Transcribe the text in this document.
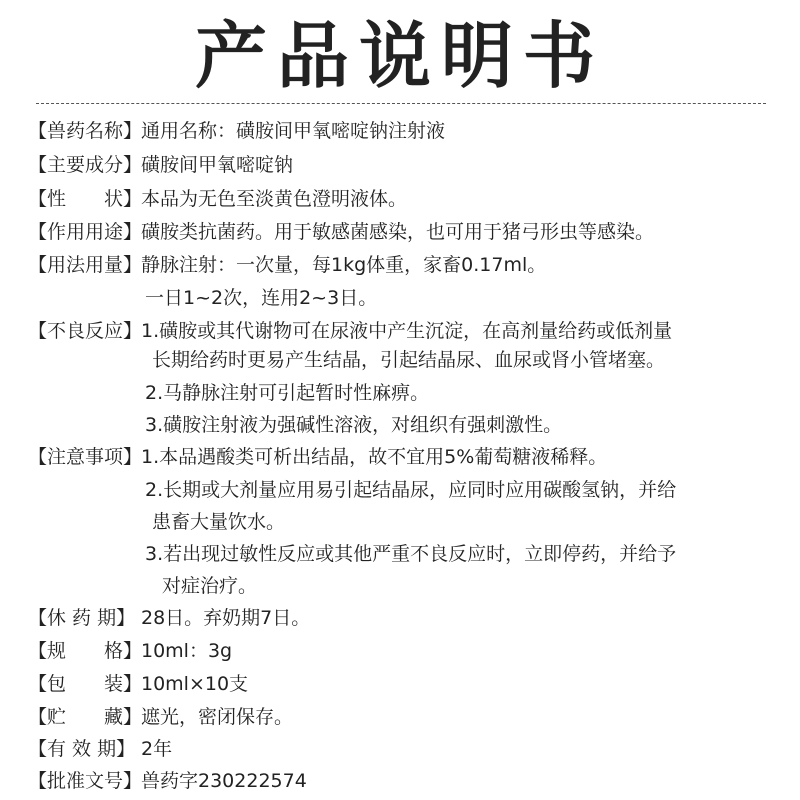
产品说明书
【兽药名称】
通用名称：磺胺间甲氧嘧啶钠注射液
【主要成分】
磺胺间甲氧嘧啶钠
【性　　状】
本品为无色至淡黄色澄明液体。
【作用用途】
磺胺类抗菌药。用于敏感菌感染，也可用于猪弓形虫等感染。
【用法用量】
静脉注射：一次量，每1kg体重，家畜0.17ml。
一日1~2次，连用2~3日。
【不良反应】
1.磺胺或其代谢物可在尿液中产生沉淀，在高剂量给药或低剂量
长期给药时更易产生结晶，引起结晶尿、血尿或肾小管堵塞。
2.马静脉注射可引起暂时性麻痹。
3.磺胺注射液为强碱性溶液，对组织有强刺激性。
【注意事项】
1.本品遇酸类可析出结晶，故不宜用5%葡萄糖液稀释。
2.长期或大剂量应用易引起结晶尿，应同时应用碳酸氢钠，并给
患畜大量饮水。
3.若出现过敏性反应或其他严重不良反应时，立即停药，并给予
对症治疗。
【休 药 期】 28日。弃奶期7日。
【规　　格】
10ml：3g
【包　　装】
10ml×10支
【贮　　藏】
遮光，密闭保存。
【有 效 期】 2年
【批准文号】
兽药字230222574
